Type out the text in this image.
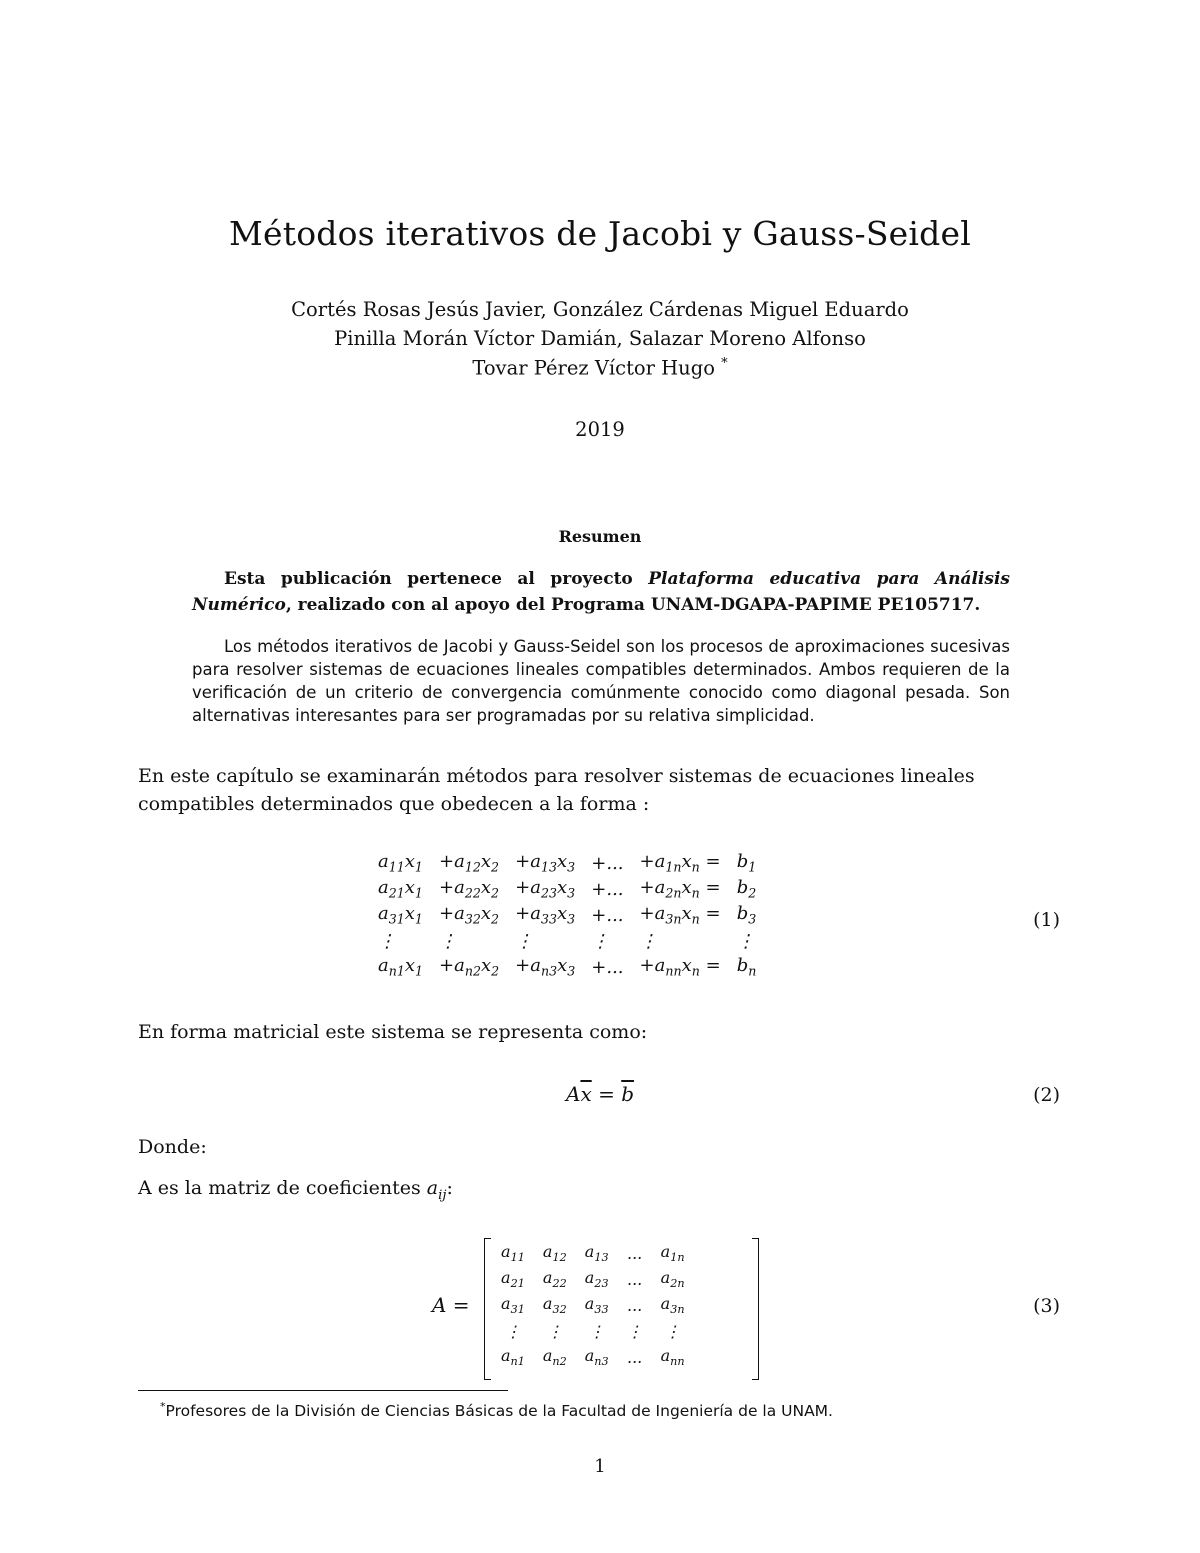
Métodos iterativos de Jacobi y Gauss-Seidel
Cortés Rosas Jesús Javier, González Cárdenas Miguel Eduardo
Pinilla Morán Víctor Damián, Salazar Moreno Alfonso
Tovar Pérez Víctor Hugo *
2019
Resumen
Esta publicación pertenece al proyecto Plataforma educativa para Análisis Numérico, realizado con al apoyo del Programa UNAM-DGAPA-PAPIME PE105717.
Los métodos iterativos de Jacobi y Gauss-Seidel son los procesos de aproximaciones sucesivas para resolver sistemas de ecuaciones lineales compatibles determinados. Ambos requieren de la verificación de un criterio de convergencia comúnmente conocido como diagonal pesada. Son alternativas interesantes para ser programadas por su relativa simplicidad.
En este capítulo se examinarán métodos para resolver sistemas de ecuaciones lineales compatibles determinados que obedecen a la forma :
$a_{11}x_1$	$+a_{12}x_2$	$+a_{13}x_3$	+...	$+a_{1n}x_n$ =	$b_1$
$a_{21}x_1$	$+a_{22}x_2$	$+a_{23}x_3$	+...	$+a_{2n}x_n$ =	$b_2$
$a_{31}x_1$	$+a_{32}x_2$	$+a_{33}x_3$	+...	$+a_{3n}x_n$ =	$b_3$
⋮	⋮	⋮	⋮	⋮	⋮
$a_{n1}x_1$	$+a_{n2}x_2$	$+a_{n3}x_3$	+...	$+a_{nn}x_n$ =	$b_n$
(1)
En forma matricial este sistema se representa como:
$A\overline{x} = \overline{b}$	(2)
Donde:
A es la matriz de coeficientes $a_{ij}$:
A =
$a_{11}$	$a_{12}$	$a_{13}$	...	$a_{1n}$
$a_{21}$	$a_{22}$	$a_{23}$	...	$a_{2n}$
$a_{31}$	$a_{32}$	$a_{33}$	...	$a_{3n}$
⋮	⋮	⋮	⋮	⋮
$a_{n1}$	$a_{n2}$	$a_{n3}$	...	$a_{nn}$
(3)
*Profesores de la División de Ciencias Básicas de la Facultad de Ingeniería de la UNAM.
1
